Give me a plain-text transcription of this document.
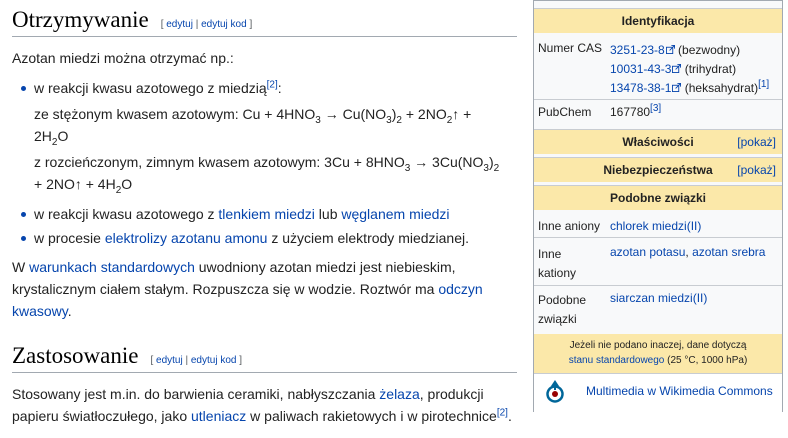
Otrzymywanie [ edytuj | edytuj kod ]

Azotan miedzi można otrzymać np.:

w reakcji kwasu azotowego z miedzią[2]:
ze stężonym kwasem azotowym: $Cu + 4HNO_3 \to Cu(NO_3)_2$ + $2NO_2↑$ +
$2H_2O$
z rozcieńczonym, zimnym kwasem azotowym: $3Cu + 8HNO_3 \to 3Cu(NO_3)_2$
+ 2NO↑ + $4H_2O$
w reakcji kwasu azotowego z tlenkiem miedzi lub węglanem miedzi
w procesie elektrolizy azotanu amonu z użyciem elektrody miedzianej.

W warunkach standardowych uwodniony azotan miedzi jest niebieskim,
krystalicznym ciałem stałym. Rozpuszcza się w wodzie. Roztwór ma odczyn
kwasowy.

Zastosowanie [ edytuj | edytuj kod ]

Stosowany jest m.in. do barwienia ceramiki, nabłyszczania żelaza, produkcji
papieru światłoczułego, jako utleniacz w paliwach rakietowych i w pirotechnice[2].

Identyfikacja
Numer CAS 3251-23-8 (bezwodny)
10031-43-3 (trihydrat)
13478-38-1 (heksahydrat)[1]
PubChem 167780[3]
Właściwości	[pokaż]
Niebezpieczeństwa [pokaż]
Podobne związki
Inne aniony chlorek miedzi(II)
Inne
kationy
azotan potasu, azotan srebra
Podobne
związki
siarczan miedzi(II)
Jeżeli nie podano inaczej, dane dotyczą
stanu standardowego (25 °C, 1000 hPa)
Multimedia w Wikimedia Commons
